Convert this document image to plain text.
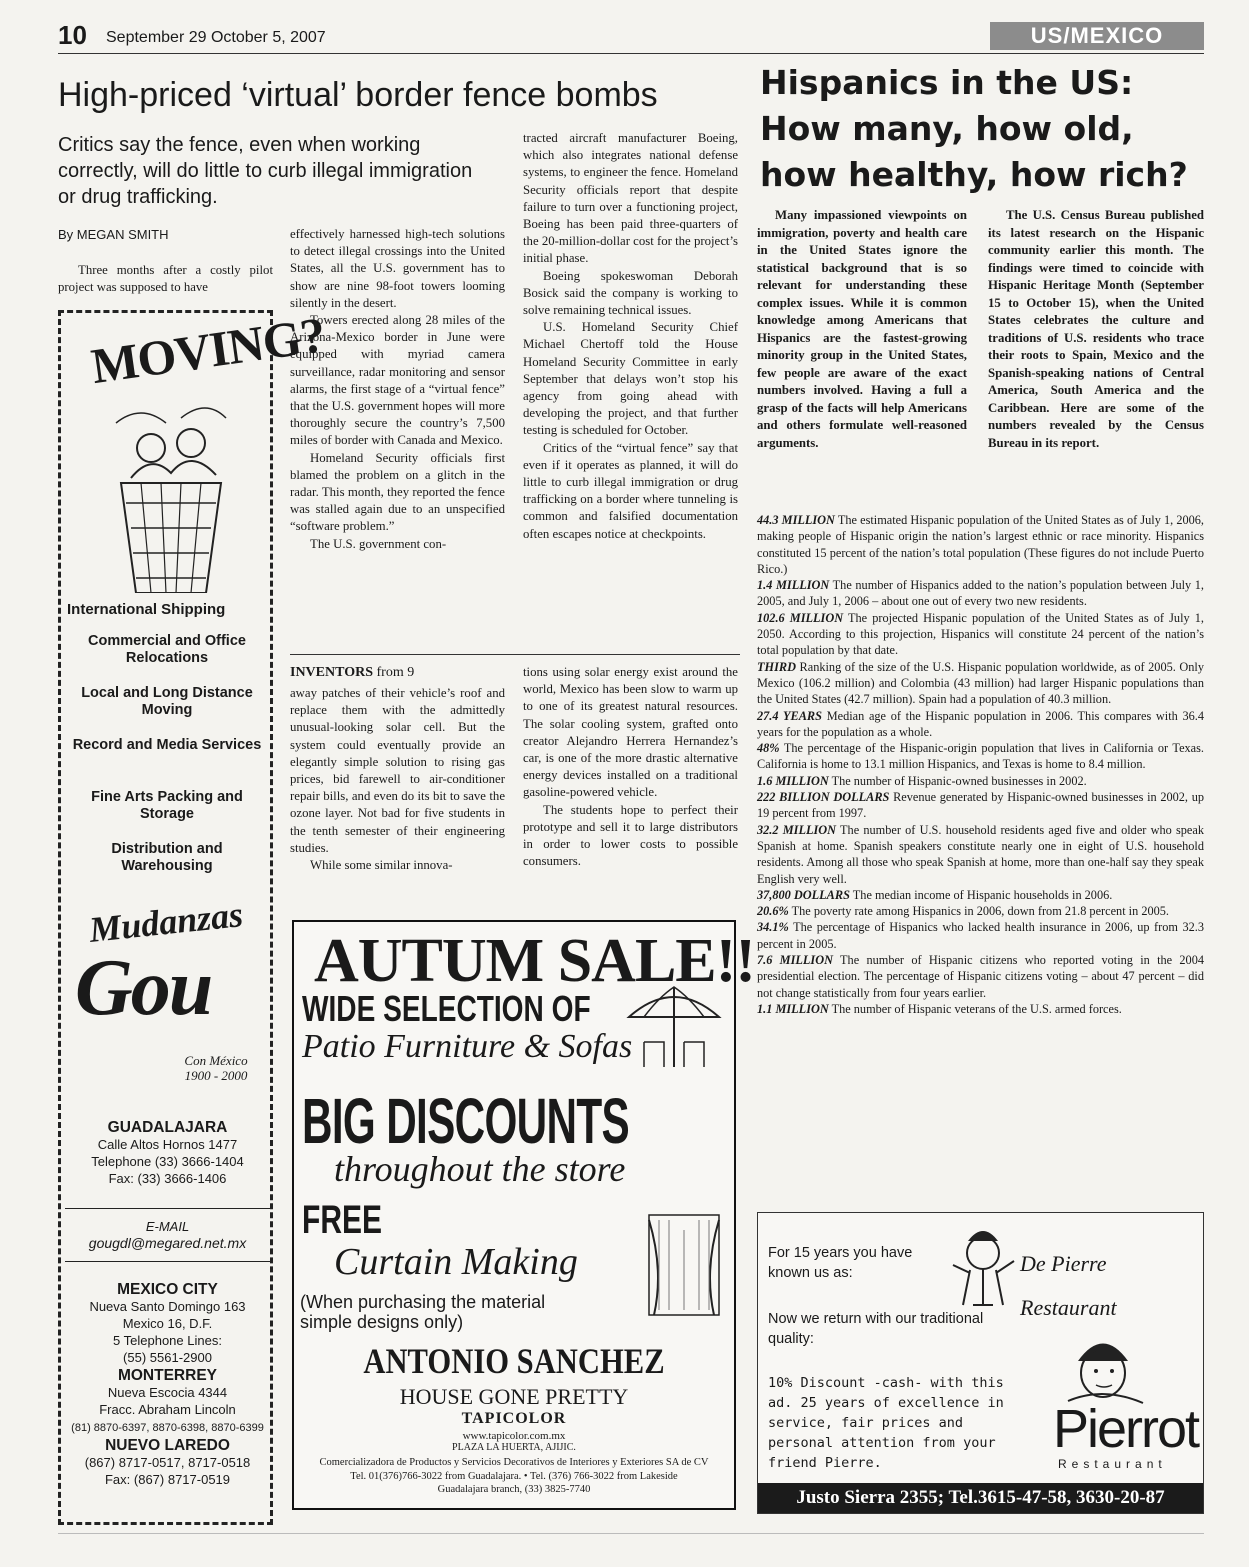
10 September 29 October 5, 2007	US/MEXICO
High-priced ‘virtual’ border fence bombs
Critics say the fence, even when working correctly, will do little to curb illegal immigration or drug trafficking.
By MEGAN SMITH

Three months after a costly pilot project was supposed to have

effectively harnessed high-tech solutions to detect illegal crossings into the United States, all the U.S. government has to show are nine 98-foot towers looming silently in the desert.

Towers erected along 28 miles of the Arizona-Mexico border in June were equipped with myriad camera surveillance, radar monitoring and sensor alarms, the first stage of a “virtual fence” that the U.S. government hopes will more thoroughly secure the country’s 7,500 miles of border with Canada and Mexico.

Homeland Security officials first blamed the problem on a glitch in the radar. This month, they reported the fence was stalled again due to an unspecified “software problem.”

The U.S. government con-

tracted aircraft manufacturer Boeing, which also integrates national defense systems, to engineer the fence. Homeland Security officials report that despite failure to turn over a functioning project, Boeing has been paid three-quarters of the 20-million-dollar cost for the project’s initial phase.

Boeing spokeswoman Deborah Bosick said the company is working to solve remaining technical issues.

U.S. Homeland Security Chief Michael Chertoff told the House Homeland Security Committee in early September that delays won’t stop his agency from going ahead with developing the project, and that further testing is scheduled for October.

Critics of the “virtual fence” say that even if it operates as planned, it will do little to curb illegal immigration or drug trafficking on a border where tunneling is common and falsified documentation often escapes notice at checkpoints.

MOVING?
International Shipping
Commercial and Office Relocations
Local and Long Distance Moving
Record and Media Services
Fine Arts Packing and Storage
Distribution and Warehousing
Mudanzas
Gou
Con México 1900 - 2000
GUADALAJARA
Calle Altos Hornos 1477
Telephone (33) 3666-1404
Fax: (33) 3666-1406
E-MAIL
gougdl@megared.net.mx
MEXICO CITY
Nueva Santo Domingo 163
Mexico 16, D.F.
5 Telephone Lines:
(55) 5561-2900
MONTERREY
Nueva Escocia 4344
Fracc. Abraham Lincoln
(81) 8870-6397, 8870-6398, 8870-6399
NUEVO LAREDO
(867) 8717-0517, 8717-0518
Fax: (867) 8717-0519
INVENTORS from 9

away patches of their vehicle’s roof and replace them with the admittedly unusual-looking solar cell. But the system could eventually provide an elegantly simple solution to rising gas prices, bid farewell to air-conditioner repair bills, and even do its bit to save the ozone layer. Not bad for five students in the tenth semester of their engineering studies.

While some similar innova-

tions using solar energy exist around the world, Mexico has been slow to warm up to one of its greatest natural resources. The solar cooling system, grafted onto creator Alejandro Herrera Hernandez’s car, is one of the more drastic alternative energy devices installed on a traditional gasoline-powered vehicle.

The students hope to perfect their prototype and sell it to large distributors in order to lower costs to possible consumers.

AUTUM SALE!!
WIDE SELECTION OF
Patio Furniture & Sofas
BIG DISCOUNTS
throughout the store
FREE
Curtain Making
(When purchasing the material simple designs only)
ANTONIO SANCHEZ
HOUSE GONE PRETTY
TAPICOLOR
www.tapicolor.com.mx
PLAZA LA HUERTA, AJIJIC.
Comercializadora de Productos y Servicios Decorativos de Interiores y Exteriores SA de CV
Tel. 01(376)766-3022 from Guadalajara. • Tel. (376) 766-3022 from Lakeside
Guadalajara branch, (33) 3825-7740
Hispanics in the US: How many, how old, how healthy, how rich?

Many impassioned viewpoints on immigration, poverty and health care in the United States ignore the statistical background that is so relevant for understanding these complex issues. While it is common knowledge among Americans that Hispanics are the fastest-growing minority group in the United States, few people are aware of the exact numbers involved. Having a full a grasp of the facts will help Americans and others formulate well-reasoned arguments.

The U.S. Census Bureau published its latest research on the Hispanic community earlier this month. The findings were timed to coincide with Hispanic Heritage Month (September 15 to October 15), when the United States celebrates the culture and traditions of U.S. residents who trace their roots to Spain, Mexico and the Spanish-speaking nations of Central America, South America and the Caribbean. Here are some of the numbers revealed by the Census Bureau in its report.

44.3 MILLION The estimated Hispanic population of the United States as of July 1, 2006, making people of Hispanic origin the nation’s largest ethnic or race minority. Hispanics constituted 15 percent of the nation’s total population (These figures do not include Puerto Rico.)

1.4 MILLION The number of Hispanics added to the nation’s population between July 1, 2005, and July 1, 2006 – about one out of every two new residents.

102.6 MILLION The projected Hispanic population of the United States as of July 1, 2050. According to this projection, Hispanics will constitute 24 percent of the nation’s total population by that date.

THIRD Ranking of the size of the U.S. Hispanic population worldwide, as of 2005. Only Mexico (106.2 million) and Colombia (43 million) had larger Hispanic populations than the United States (42.7 million). Spain had a population of 40.3 million.

27.4 YEARS Median age of the Hispanic population in 2006. This compares with 36.4 years for the population as a whole.

48% The percentage of the Hispanic-origin population that lives in California or Texas. California is home to 13.1 million Hispanics, and Texas is home to 8.4 million.

1.6 MILLION The number of Hispanic-owned businesses in 2002.

222 BILLION DOLLARS Revenue generated by Hispanic-owned businesses in 2002, up 19 percent from 1997.

32.2 MILLION The number of U.S. household residents aged five and older who speak Spanish at home. Spanish speakers constitute nearly one in eight of U.S. household residents. Among all those who speak Spanish at home, more than one-half say they speak English very well.

37,800 DOLLARS The median income of Hispanic households in 2006.

20.6% The poverty rate among Hispanics in 2006, down from 21.8 percent in 2005.

34.1% The percentage of Hispanics who lacked health insurance in 2006, up from 32.3 percent in 2005.

7.6 MILLION The number of Hispanic citizens who reported voting in the 2004 presidential election. The percentage of Hispanic citizens voting – about 47 percent – did not change statistically from four years earlier.

1.1 MILLION The number of Hispanic veterans of the U.S. armed forces.

For 15 years you have known us as:	De Pierre
Restaurant
Now we return with our traditional quality:
10% Discount -cash- with this ad. 25 years of excellence in service, fair prices and personal attention from your friend Pierre.
Pierrot
Restaurant
Justo Sierra 2355; Tel.3615-47-58, 3630-20-87
